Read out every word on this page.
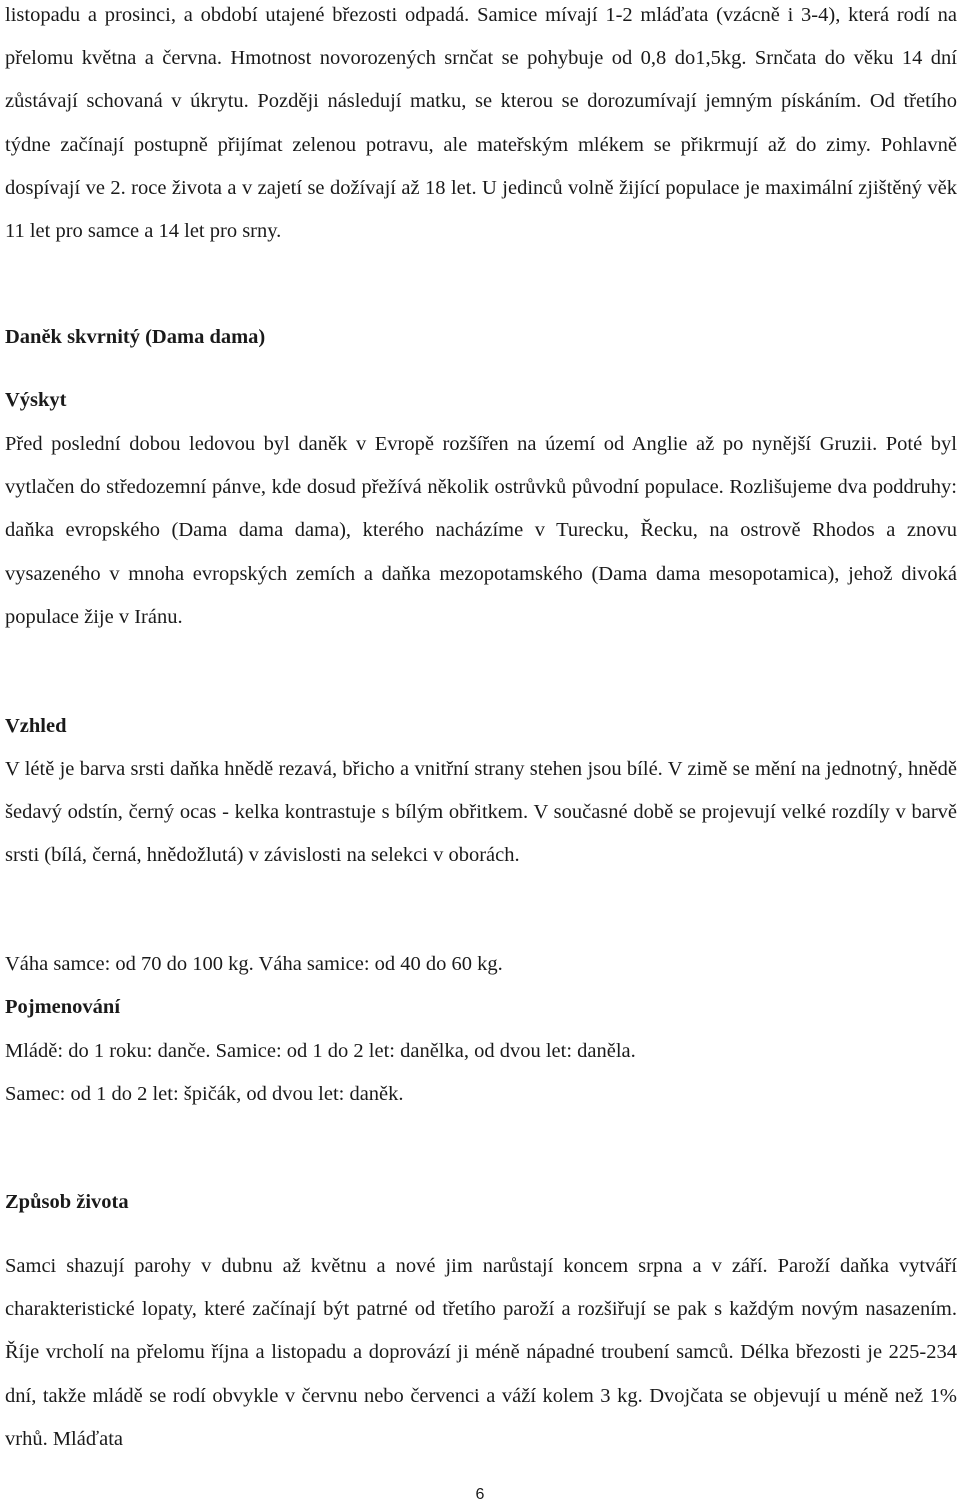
listopadu a prosinci, a období utajené březosti odpadá. Samice mívají 1-2 mláďata (vzácně i 3-4), která rodí na přelomu května a června. Hmotnost novorozených srnčat se pohybuje od 0,8 do1,5kg. Srnčata do věku 14 dní zůstávají schovaná v úkrytu. Později následují matku, se kterou se dorozumívají jemným pískáním. Od třetího týdne začínají postupně přijímat zelenou potravu, ale mateřským mlékem se přikrmují až do zimy. Pohlavně dospívají ve 2. roce života a v zajetí se dožívají až 18 let. U jedinců volně žijící populace je maximální zjištěný věk 11 let pro samce a 14 let pro srny.

Daněk skvrnitý (Dama dama)
Výskyt

Před poslední dobou ledovou byl daněk v Evropě rozšířen na území od Anglie až po nynější Gruzii. Poté byl vytlačen do středozemní pánve, kde dosud přežívá několik ostrůvků původní populace. Rozlišujeme dva poddruhy: daňka evropského (Dama dama dama), kterého nacházíme v Turecku, Řecku, na ostrově Rhodos a znovu vysazeného v mnoha evropských zemích a daňka mezopotamského (Dama dama mesopotamica), jehož divoká populace žije v Iránu.

Vzhled

V létě je barva srsti daňka hnědě rezavá, břicho a vnitřní strany stehen jsou bílé. V zimě se mění na jednotný, hnědě šedavý odstín, černý ocas - kelka kontrastuje s bílým obřitkem. V současné době se projevují velké rozdíly v barvě srsti (bílá, černá, hnědožlutá) v závislosti na selekci v oborách.

Váha samce: od 70 do 100 kg. Váha samice: od 40 do 60 kg.

Pojmenování

Mládě: do 1 roku: danče. Samice: od 1 do 2 let: danělka, od dvou let: daněla.

Samec: od 1 do 2 let: špičák, od dvou let: daněk.

Způsob života

Samci shazují parohy v dubnu až květnu a nové jim narůstají koncem srpna a v září. Paroží daňka vytváří charakteristické lopaty, které začínají být patrné od třetího paroží a rozšiřují se pak s každým novým nasazením. Říje vrcholí na přelomu října a listopadu a doprovází ji méně nápadné troubení samců. Délka březosti je 225-234 dní, takže mládě se rodí obvykle v červnu nebo červenci a váží kolem 3 kg. Dvojčata se objevují u méně než 1% vrhů. Mláďata

6
